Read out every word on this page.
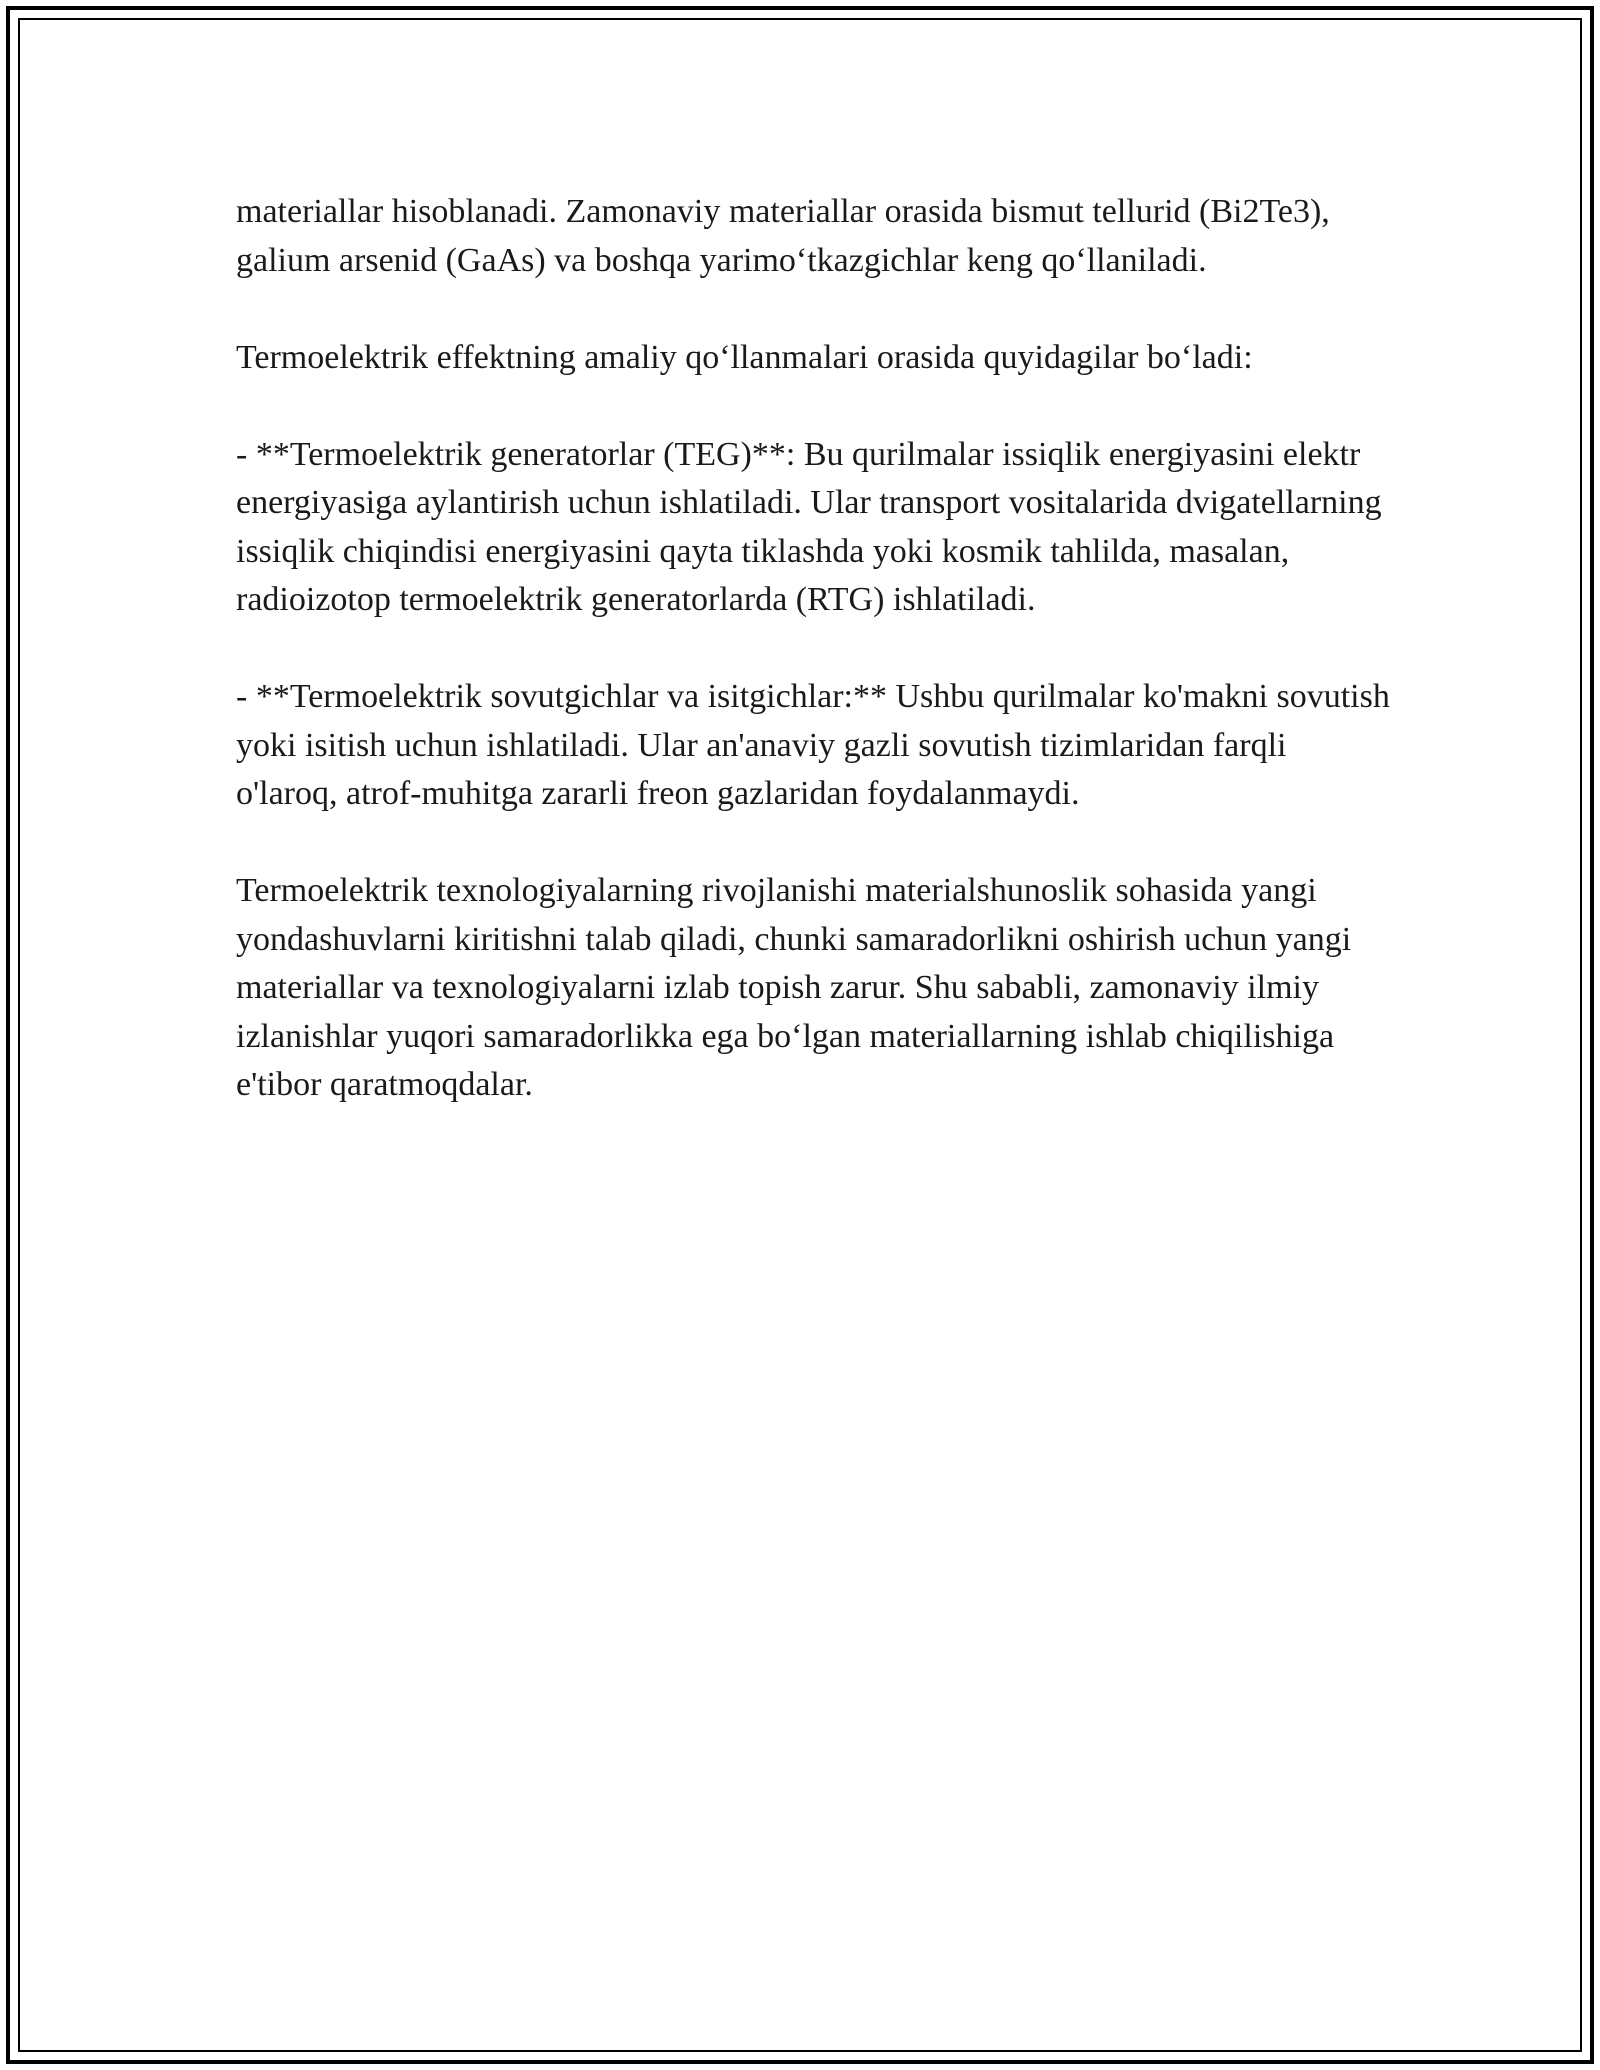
materiallar hisoblanadi. Zamonaviy materiallar orasida bismut tellurid (Bi2Te3), galium arsenid (GaAs) va boshqa yarimo‘tkazgichlar keng qo‘llaniladi.

Termoelektrik effektning amaliy qo‘llanmalari orasida quyidagilar bo‘ladi:

- **Termoelektrik generatorlar (TEG)**: Bu qurilmalar issiqlik energiyasini elektr energiyasiga aylantirish uchun ishlatiladi. Ular transport vositalarida dvigatellarning issiqlik chiqindisi energiyasini qayta tiklashda yoki kosmik tahlilda, masalan, radioizotop termoelektrik generatorlarda (RTG) ishlatiladi.

- **Termoelektrik sovutgichlar va isitgichlar:** Ushbu qurilmalar ko'makni sovutish yoki isitish uchun ishlatiladi. Ular an'anaviy gazli sovutish tizimlaridan farqli o'laroq, atrof-muhitga zararli freon gazlaridan foydalanmaydi.

Termoelektrik texnologiyalarning rivojlanishi materialshunoslik sohasida yangi yondashuvlarni kiritishni talab qiladi, chunki samaradorlikni oshirish uchun yangi materiallar va texnologiyalarni izlab topish zarur. Shu sababli, zamonaviy ilmiy izlanishlar yuqori samaradorlikka ega bo‘lgan materiallarning ishlab chiqilishiga e'tibor qaratmoqdalar.
